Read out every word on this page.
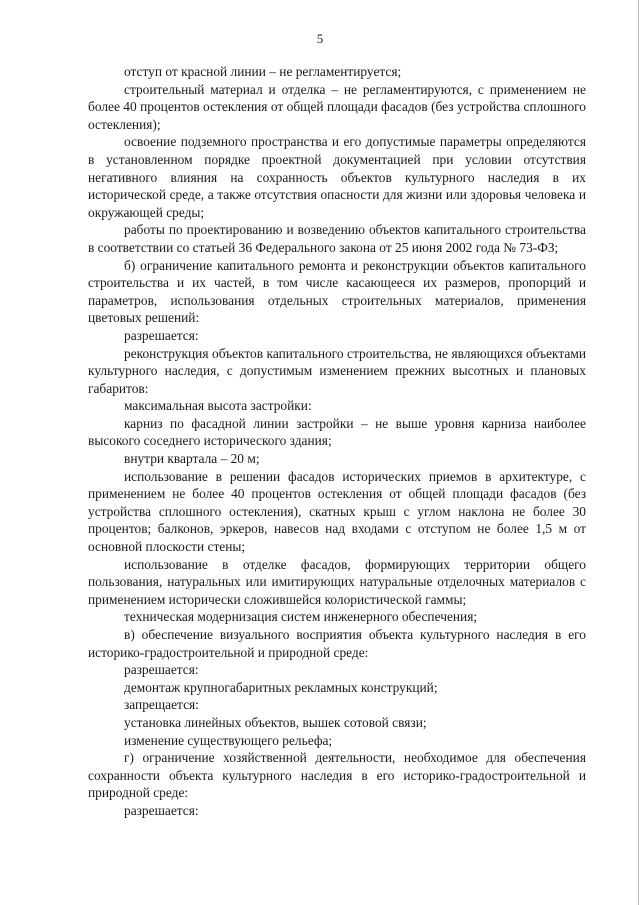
5

отступ от красной линии – не регламентируется;

строительный материал и отделка – не регламентируются, с применением не более 40 процентов остекления от общей площади фасадов (без устройства сплошного остекления);

освоение подземного пространства и его допустимые параметры определяются в установленном порядке проектной документацией при условии отсутствия негативного влияния на сохранность объектов культурного наследия в их исторической среде, а также отсутствия опасности для жизни или здоровья человека и окружающей среды;

работы по проектированию и возведению объектов капитального строительства в соответствии со статьей 36 Федерального закона от 25 июня 2002 года № 73-ФЗ;

б) ограничение капитального ремонта и реконструкции объектов капитального строительства и их частей, в том числе касающееся их размеров, пропорций и параметров, использования отдельных строительных материалов, применения цветовых решений:

разрешается:

реконструкция объектов капитального строительства, не являющихся объектами культурного наследия, с допустимым изменением прежних высотных и плановых габаритов:

максимальная высота застройки:

карниз по фасадной линии застройки – не выше уровня карниза наиболее высокого соседнего исторического здания;

внутри квартала – 20 м;

использование в решении фасадов исторических приемов в архитектуре, с применением не более 40 процентов остекления от общей площади фасадов (без устройства сплошного остекления), скатных крыш с углом наклона не более 30 процентов; балконов, эркеров, навесов над входами с отступом не более 1,5 м от основной плоскости стены;

использование в отделке фасадов, формирующих территории общего пользования, натуральных или имитирующих натуральные отделочных материалов с применением исторически сложившейся колористической гаммы;

техническая модернизация систем инженерного обеспечения;

в) обеспечение визуального восприятия объекта культурного наследия в его историко-градостроительной и природной среде:

разрешается:

демонтаж крупногабаритных рекламных конструкций;

запрещается:

установка линейных объектов, вышек сотовой связи;

изменение существующего рельефа;

г) ограничение хозяйственной деятельности, необходимое для обеспечения сохранности объекта культурного наследия в его историко-градостроительной и природной среде:

разрешается:
